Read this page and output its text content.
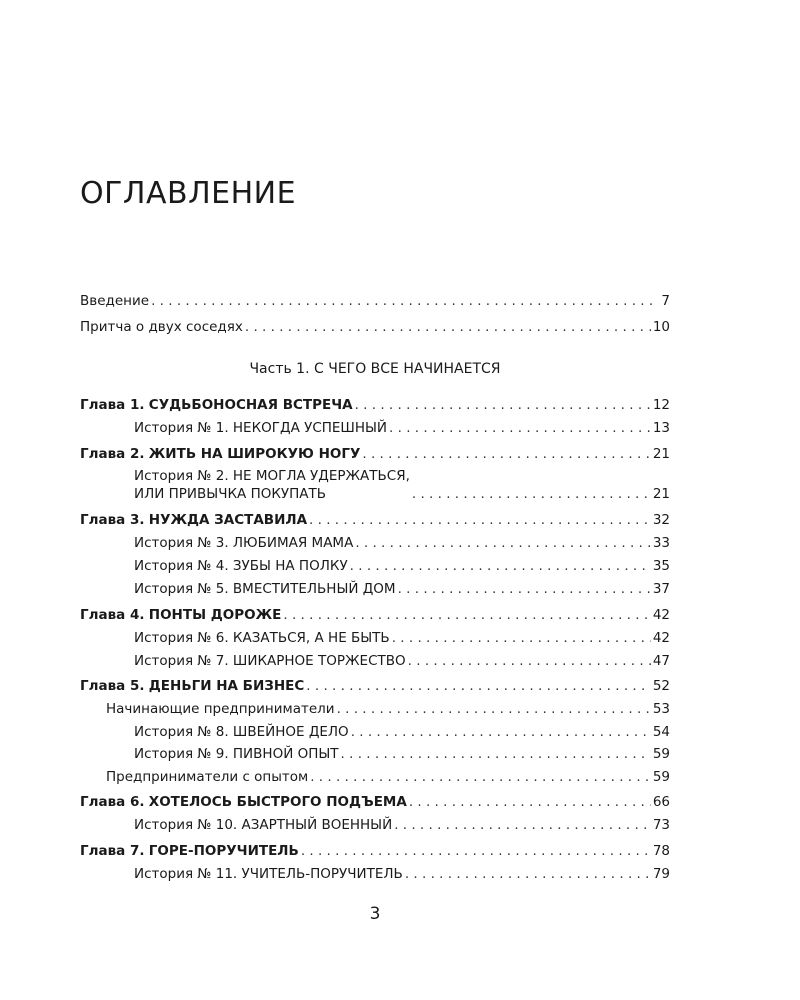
ОГЛАВЛЕНИЕ
Введение . . .	7
Притча о двух соседях . . .	10
Часть 1. С ЧЕГО ВСЕ НАЧИНАЕТСЯ
Глава 1. СУДЬБОНОСНАЯ ВСТРЕЧА . . .	12
История № 1. НЕКОГДА УСПЕШНЫЙ . . .	13
Глава 2. ЖИТЬ НА ШИРОКУЮ НОГУ . . .	21
История № 2. НЕ МОГЛА УДЕРЖАТЬСЯ,
ИЛИ ПРИВЫЧКА ПОКУПАТЬ . . .	21
Глава 3. НУЖДА ЗАСТАВИЛА . . .	32
История № 3. ЛЮБИМАЯ МАМА . . .	33
История № 4. ЗУБЫ НА ПОЛКУ . . .	35
История № 5. ВМЕСТИТЕЛЬНЫЙ ДОМ . . .	37
Глава 4. ПОНТЫ ДОРОЖЕ . . .	42
История № 6. КАЗАТЬСЯ, А НЕ БЫТЬ . . .	42
История № 7. ШИКАРНОЕ ТОРЖЕСТВО . . .	47
Глава 5. ДЕНЬГИ НА БИЗНЕС . . .	52
Начинающие предприниматели . . .	53
История № 8. ШВЕЙНОЕ ДЕЛО . . .	54
История № 9. ПИВНОЙ ОПЫТ . . .	59
Предприниматели с опытом . . .	59
Глава 6. ХОТЕЛОСЬ БЫСТРОГО ПОДЪЕМА . . .	66
История № 10. АЗАРТНЫЙ ВОЕННЫЙ . . .	73
Глава 7. ГОРЕ-ПОРУЧИТЕЛЬ . . .	78
История № 11. УЧИТЕЛЬ-ПОРУЧИТЕЛЬ . . .	79
3
